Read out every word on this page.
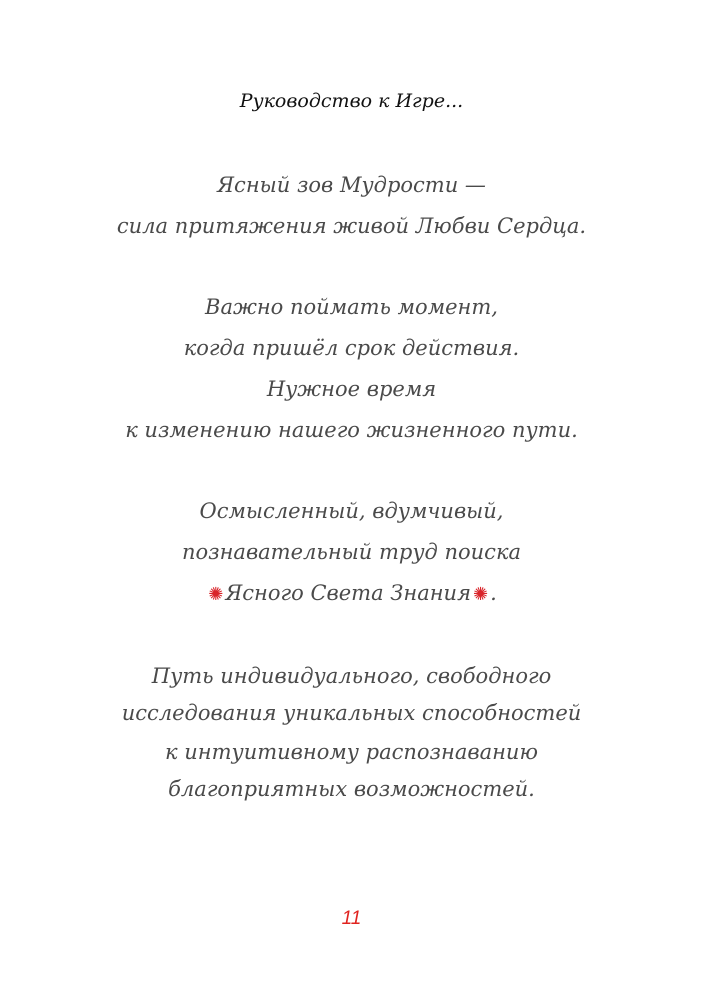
Руководство к Игре...
Ясный зов Мудрости —
сила притяжения живой Любви Сердца.
Важно поймать момент,
когда пришёл срок действия.
Нужное время
к изменению нашего жизненного пути.
Осмысленный, вдумчивый,
познавательный труд поиска
✺Ясного Света Знания ✺.
Путь индивидуального, свободного
исследования уникальных способностей
к интуитивному распознаванию
благоприятных возможностей.
11
